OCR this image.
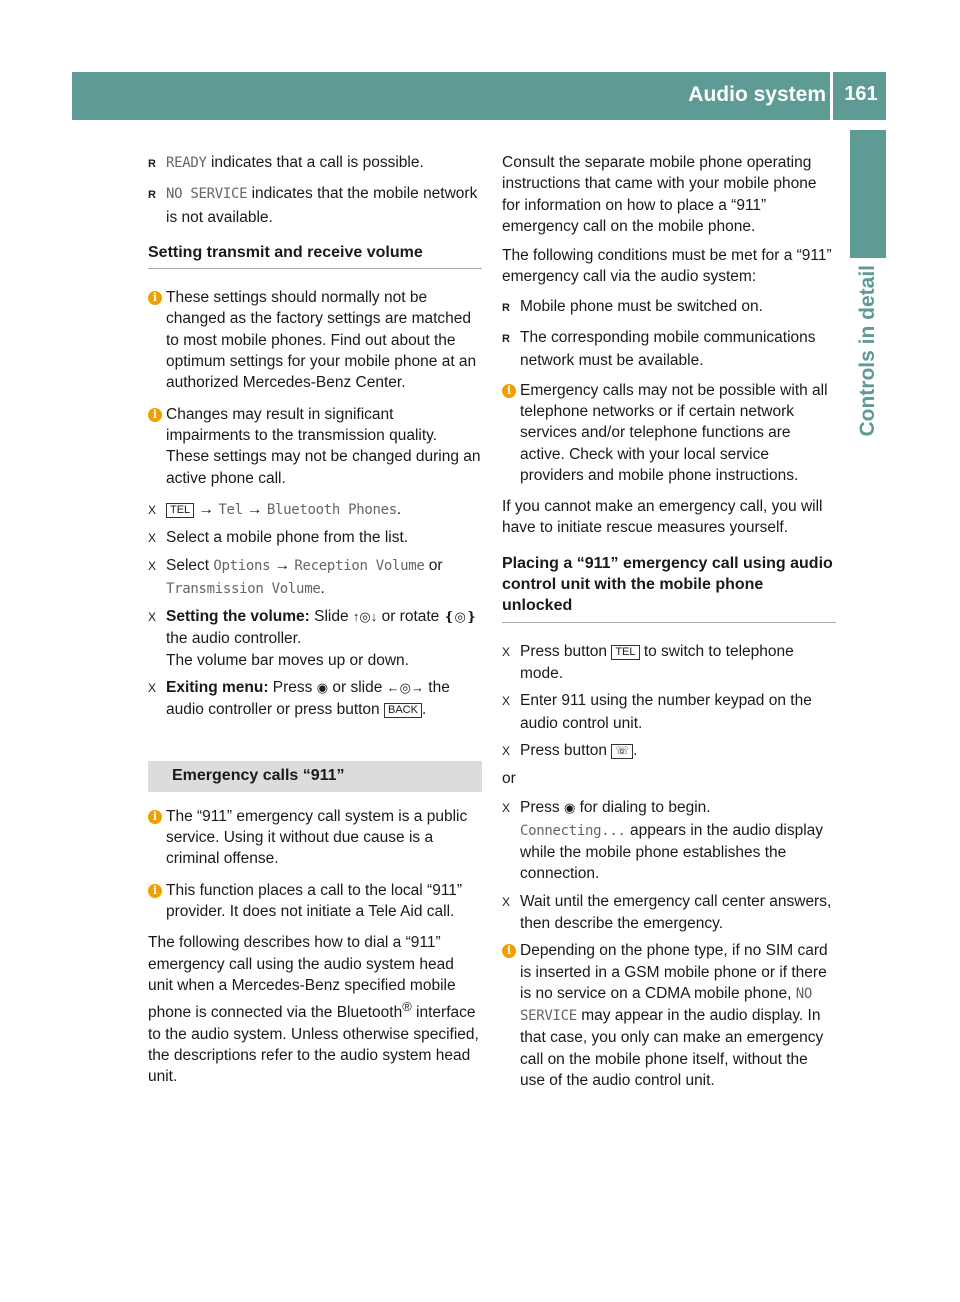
Audio system 161
Controls in detail

R READY indicates that a call is possible.

R NO SERVICE indicates that the mobile network is not available.

Setting transmit and receive volume

i These settings should normally not be changed as the factory settings are matched to most mobile phones. Find out about the optimum settings for your mobile phone at an authorized Mercedes-Benz Center.

i Changes may result in significant impairments to the transmission quality. These settings may not be changed during an active phone call.

X TEL → Tel → Bluetooth Phones.

X Select a mobile phone from the list.

X Select Options → Reception Volume or Transmission Volume.

X Setting the volume: Slide ↑◎↓ or rotate ❴◎❵ the audio controller.
The volume bar moves up or down.

X Exiting menu: Press ◉ or slide ←◎→ the audio controller or press button BACK .

Emergency calls “911”

i The “911” emergency call system is a public service. Using it without due cause is a criminal offense.

i This function places a call to the local “911” provider. It does not initiate a Tele Aid call.

The following describes how to dial a “911” emergency call using the audio system head unit when a Mercedes-Benz specified mobile phone is connected via the Bluetooth® interface to the audio system. Unless otherwise specified, the descriptions refer to the audio system head unit.

Consult the separate mobile phone operating instructions that came with your mobile phone for information on how to place a “911” emergency call on the mobile phone.

The following conditions must be met for a “911” emergency call via the audio system:

R Mobile phone must be switched on.

R The corresponding mobile communications network must be available.

i Emergency calls may not be possible with all telephone networks or if certain network services and/or telephone functions are active. Check with your local service providers and mobile phone instructions.

If you cannot make an emergency call, you will have to initiate rescue measures yourself.

Placing a “911” emergency call using audio control unit with the mobile phone unlocked

X Press button TEL to switch to telephone mode.

X Enter 911 using the number keypad on the audio control unit.

X Press button ☏ .

or

X Press ◉ for dialing to begin.
Connecting... appears in the audio display while the mobile phone establishes the connection.

X Wait until the emergency call center answers, then describe the emergency.

i Depending on the phone type, if no SIM card is inserted in a GSM mobile phone or if there is no service on a CDMA mobile phone, NO SERVICE may appear in the audio display. In that case, you only can make an emergency call on the mobile phone itself, without the use of the audio control unit.
